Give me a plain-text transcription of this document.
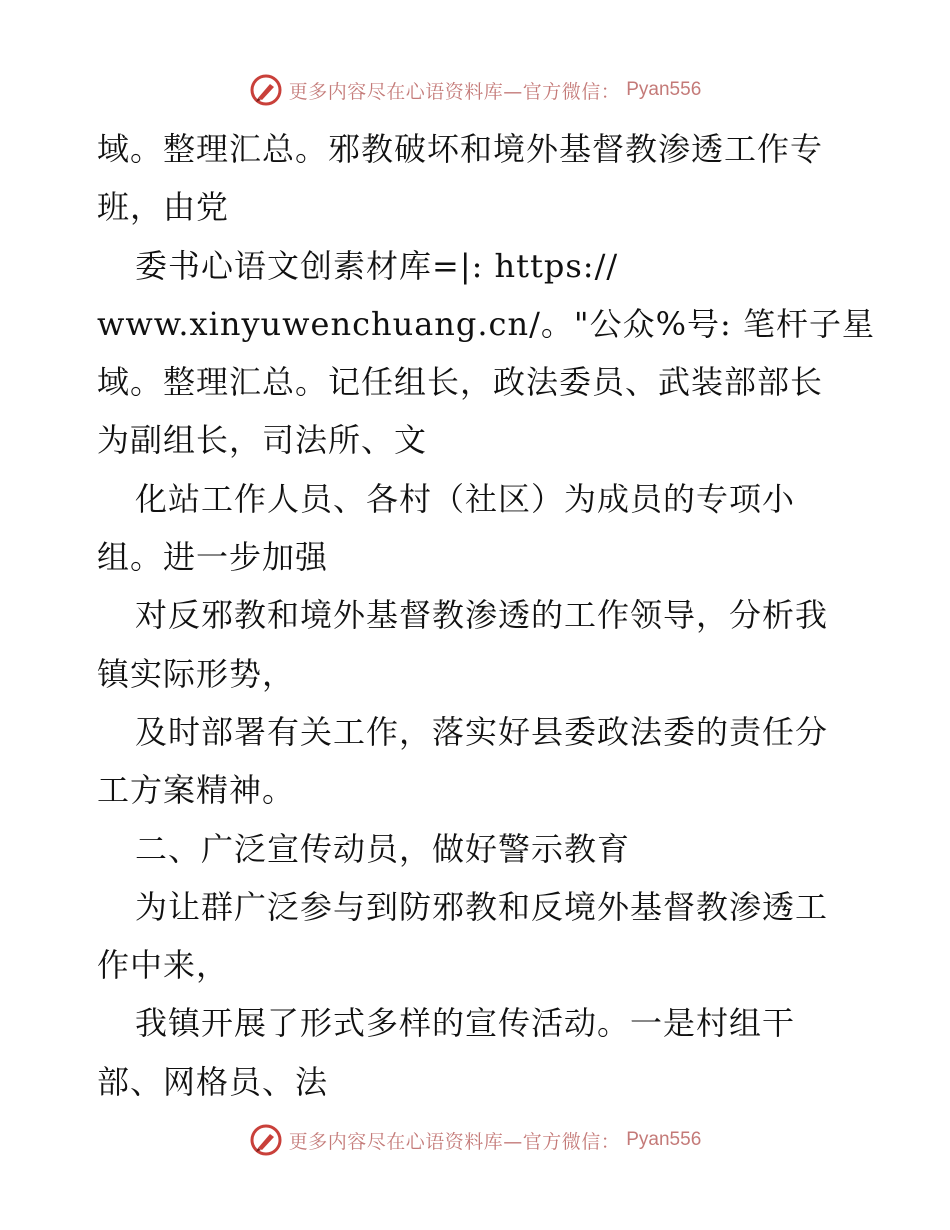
更多内容尽在心语资料库—官方微信： Pyan556
域。整理汇总。邪教破坏和境外基督教渗透工作专
班，由党
委书心语文创素材库=|: https://
www.xinyuwenchuang.cn/。"公众%号: 笔杆子星
域。整理汇总。记任组长，政法委员、武装部部长
为副组长，司法所、文
化站工作人员、各村（社区）为成员的专项小
组。进一步加强
对反邪教和境外基督教渗透的工作领导，分析我
镇实际形势，
及时部署有关工作，落实好县委政法委的责任分
工方案精神。
二、广泛宣传动员，做好警示教育
为让群广泛参与到防邪教和反境外基督教渗透工
作中来，
我镇开展了形式多样的宣传活动。一是村组干
部、网格员、法
更多内容尽在心语资料库—官方微信： Pyan556
